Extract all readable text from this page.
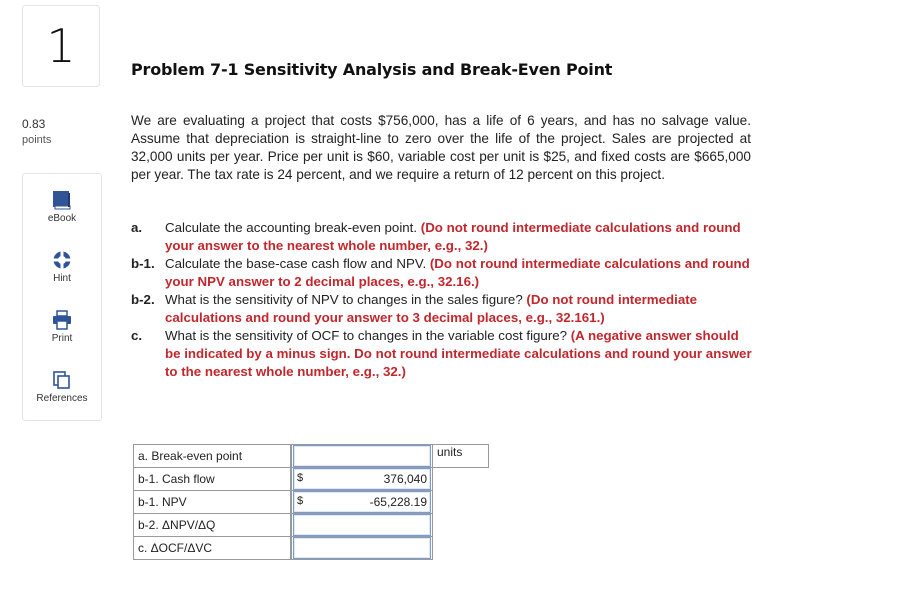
1
0.83
points
eBook
Hint
Print
References
Problem 7-1 Sensitivity Analysis and Break-Even Point
We are evaluating a project that costs $756,000, has a life of 6 years, and has no salvage value. Assume that depreciation is straight-line to zero over the life of the project. Sales are projected at 32,000 units per year. Price per unit is $60, variable cost per unit is $25, and fixed costs are $665,000 per year. The tax rate is 24 percent, and we require a return of 12 percent on this project.
a.	Calculate the accounting break-even point. (Do not round intermediate calculations and round your answer to the nearest whole number, e.g., 32.)
b-1. Calculate the base-case cash flow and NPV. (Do not round intermediate calculations and round your NPV answer to 2 decimal places, e.g., 32.16.)
b-2. What is the sensitivity of NPV to changes in the sales figure? (Do not round intermediate calculations and round your answer to 3 decimal places, e.g., 32.161.)
c.	What is the sensitivity of OCF to changes in the variable cost figure? (A negative answer should be indicated by a minus sign. Do not round intermediate calculations and round your answer to the nearest whole number, e.g., 32.)
a. Break-even point			units
b-1. Cash flow		$ 376,040	

b-1. NPV		$ -65,228.19	

b-2. ΔNPV/ΔQ		

c. ΔOCF/ΔVC		
